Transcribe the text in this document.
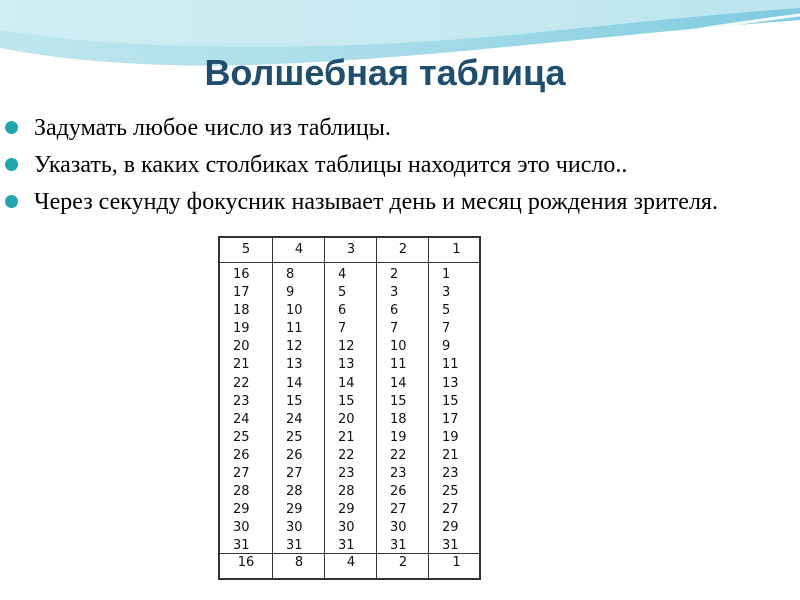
Волшебная таблица
Задумать любое число из таблицы.
Указать, в каких столбиках таблицы находится это число..
Через секунду фокусник называет день и месяц рождения зрителя.
5
16
17
18
19
20
21
22
23
24
25
26
27
28
29
30
31
16
4
8
9
10
11
12
13
14
15
24
25
26
27
28
29
30
31
8
3
4
5
6
7
12
13
14
15
20
21
22
23
28
29
30
31
4
2
2
3
6
7
10
11
14
15
18
19
22
23
26
27
30
31
2
1
1
3
5
7
9
11
13
15
17
19
21
23
25
27
29
31
1
